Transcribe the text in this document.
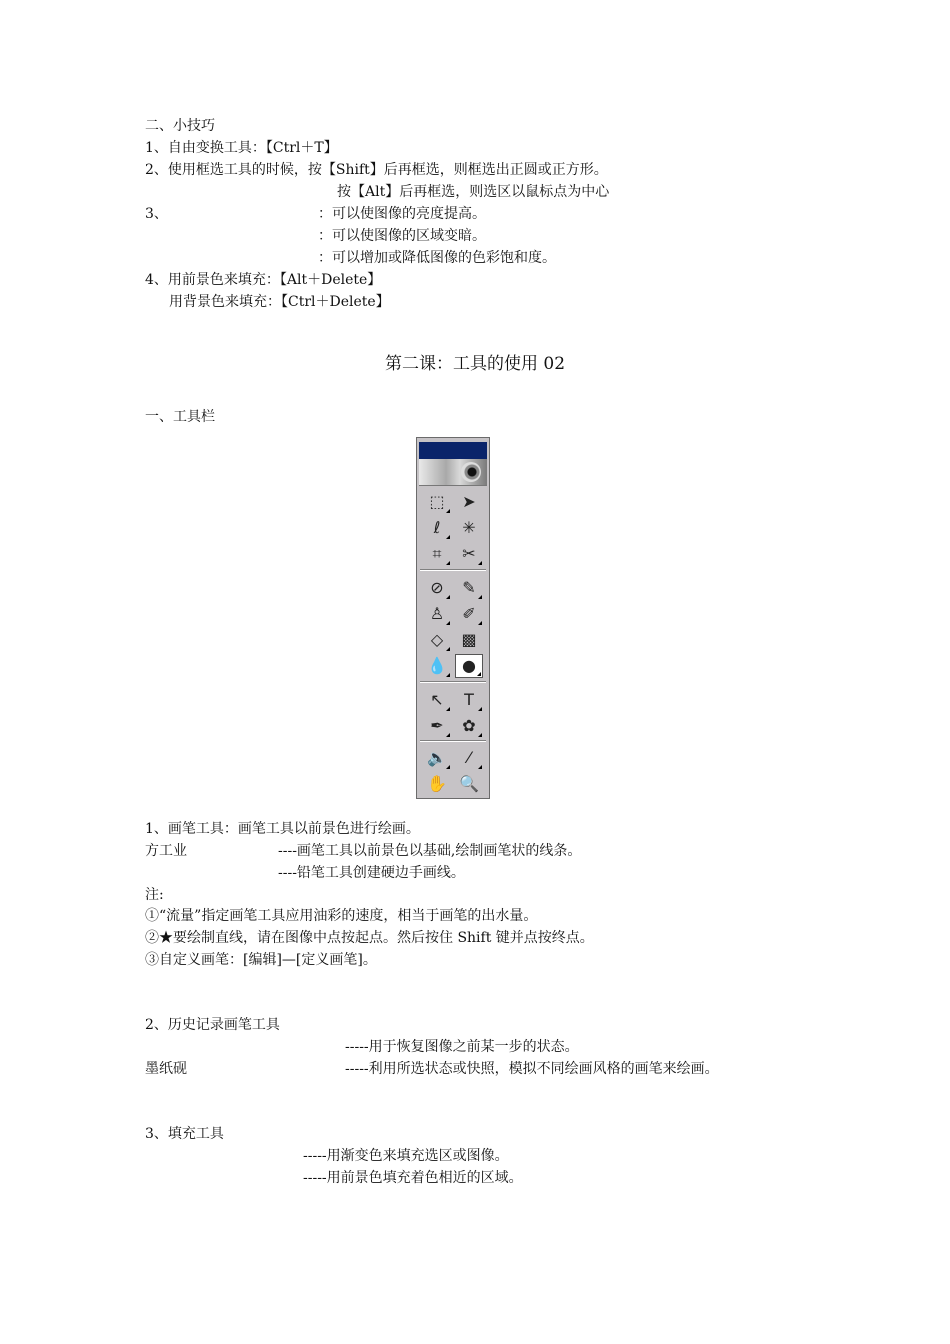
二、小技巧
1、自由变换工具：【Ctrl＋T】
2、使用框选工具的时候，按【Shift】后再框选，则框选出正圆或正方形。
按【Alt】后再框选，则选区以鼠标点为中心
3、	：可以使图像的亮度提高。
：可以使图像的区域变暗。
：可以增加或降低图像的色彩饱和度。
4、用前景色来填充：【Alt＋Delete】
用背景色来填充：【Ctrl＋Delete】
第二课：工具的使用 02
一、工具栏
⬚	➤
ℓ	✳
⌗	✂
⊘	✎
♙	✐
◇	▩
💧 ●
↖	T
✒	✿
🔈	⁄
✋ 🔍
1、画笔工具：画笔工具以前景色进行绘画。
方工业	----画笔工具以前景色以基础,绘制画笔状的线条。
----铅笔工具创建硬边手画线。
注:
①“流量”指定画笔工具应用油彩的速度，相当于画笔的出水量。
②★要绘制直线，请在图像中点按起点。然后按住 Shift 键并点按终点。
③自定义画笔：[编辑]—[定义画笔]。
2、历史记录画笔工具
-----用于恢复图像之前某一步的状态。
墨纸砚	-----利用所选状态或快照，模拟不同绘画风格的画笔来绘画。
3、填充工具
-----用渐变色来填充选区或图像。
-----用前景色填充着色相近的区域。
